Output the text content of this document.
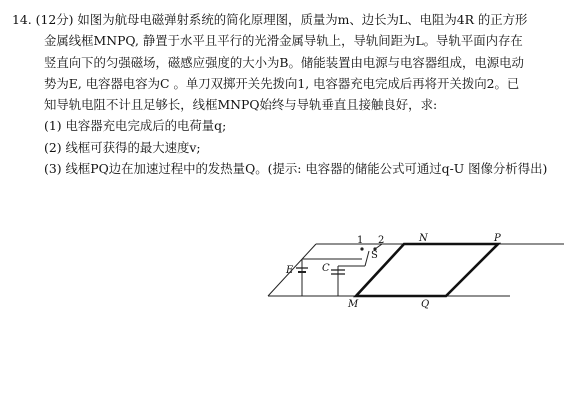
14. (12分) 如图为航母电磁弹射系统的简化原理图，质量为m、边长为L、电阻为4R 的正方形
金属线框MNPQ, 静置于水平且平行的光滑金属导轨上，导轨间距为L。导轨平面内存在
竖直向下的匀强磁场，磁感应强度的大小为B。储能装置由电源与电容器组成，电源电动
势为E, 电容器电容为C 。单刀双掷开关先拨向1, 电容器充电完成后再将开关拨向2。已
知导轨电阻不计且足够长，线框MNPQ始终与导轨垂直且接触良好，求:
(1) 电容器充电完成后的电荷量q;
(2) 线框可获得的最大速度v;
(3) 线框PQ边在加速过程中的发热量Q。(提示: 电容器的储能公式可通过q-U 图像分析得出)
1 2
S
E	C
N	P
M	Q
